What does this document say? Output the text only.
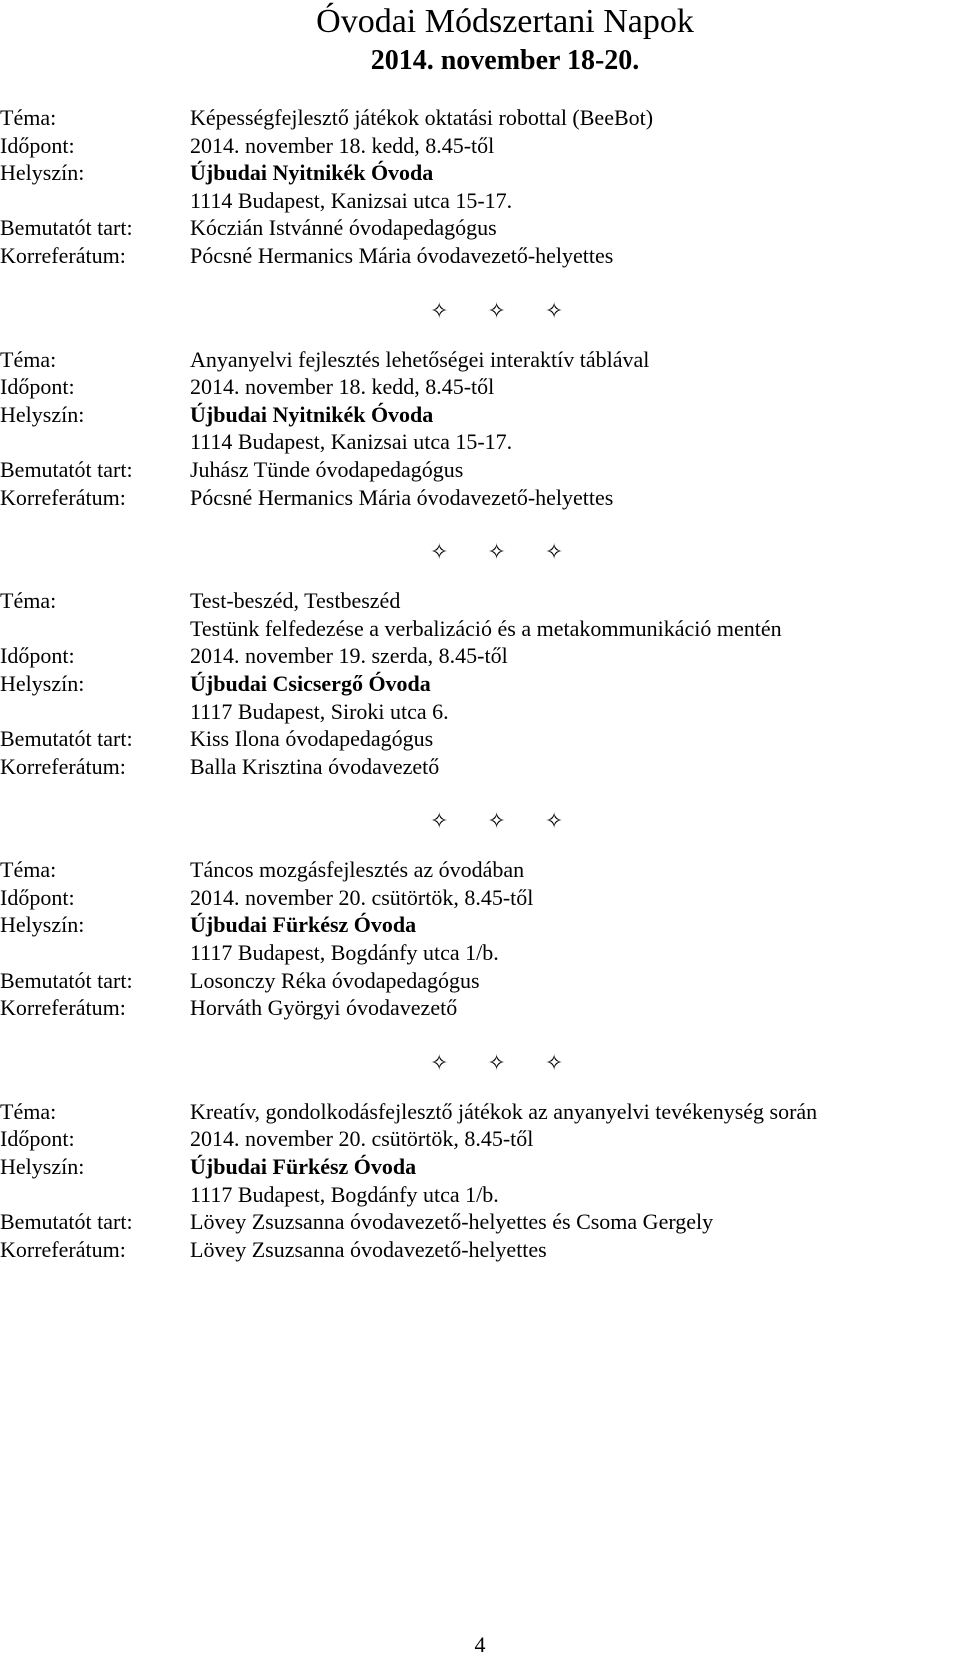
Óvodai Módszertani Napok
2014. november 18-20.
Téma:	Képességfejlesztő játékok oktatási robottal (BeeBot)
Időpont:	2014. november 18. kedd, 8.45-től
Helyszín:	Újbudai Nyitnikék Óvoda
1114 Budapest, Kanizsai utca 15-17.
Bemutatót tart:	Kóczián Istvánné óvodapedagógus
Korreferátum:	Pócsné Hermanics Mária óvodavezető-helyettes
✧ ✧ ✧
Téma:	Anyanyelvi fejlesztés lehetőségei interaktív táblával
Időpont:	2014. november 18. kedd, 8.45-től
Helyszín:	Újbudai Nyitnikék Óvoda
1114 Budapest, Kanizsai utca 15-17.
Bemutatót tart:	Juhász Tünde óvodapedagógus
Korreferátum:	Pócsné Hermanics Mária óvodavezető-helyettes
✧ ✧ ✧
Téma:	Test-beszéd, Testbeszéd
Testünk felfedezése a verbalizáció és a metakommunikáció mentén
Időpont:	2014. november 19. szerda, 8.45-től
Helyszín:	Újbudai Csicsergő Óvoda
1117 Budapest, Siroki utca 6.
Bemutatót tart:	Kiss Ilona óvodapedagógus
Korreferátum:	Balla Krisztina óvodavezető
✧ ✧ ✧
Téma:	Táncos mozgásfejlesztés az óvodában
Időpont:	2014. november 20. csütörtök, 8.45-től
Helyszín:	Újbudai Fürkész Óvoda
1117 Budapest, Bogdánfy utca 1/b.
Bemutatót tart:	Losonczy Réka óvodapedagógus
Korreferátum:	Horváth Györgyi óvodavezető
✧ ✧ ✧
Téma:	Kreatív, gondolkodásfejlesztő játékok az anyanyelvi tevékenység során
Időpont:	2014. november 20. csütörtök, 8.45-től
Helyszín:	Újbudai Fürkész Óvoda
1117 Budapest, Bogdánfy utca 1/b.
Bemutatót tart:	Lövey Zsuzsanna óvodavezető-helyettes és Csoma Gergely
Korreferátum:	Lövey Zsuzsanna óvodavezető-helyettes
4
